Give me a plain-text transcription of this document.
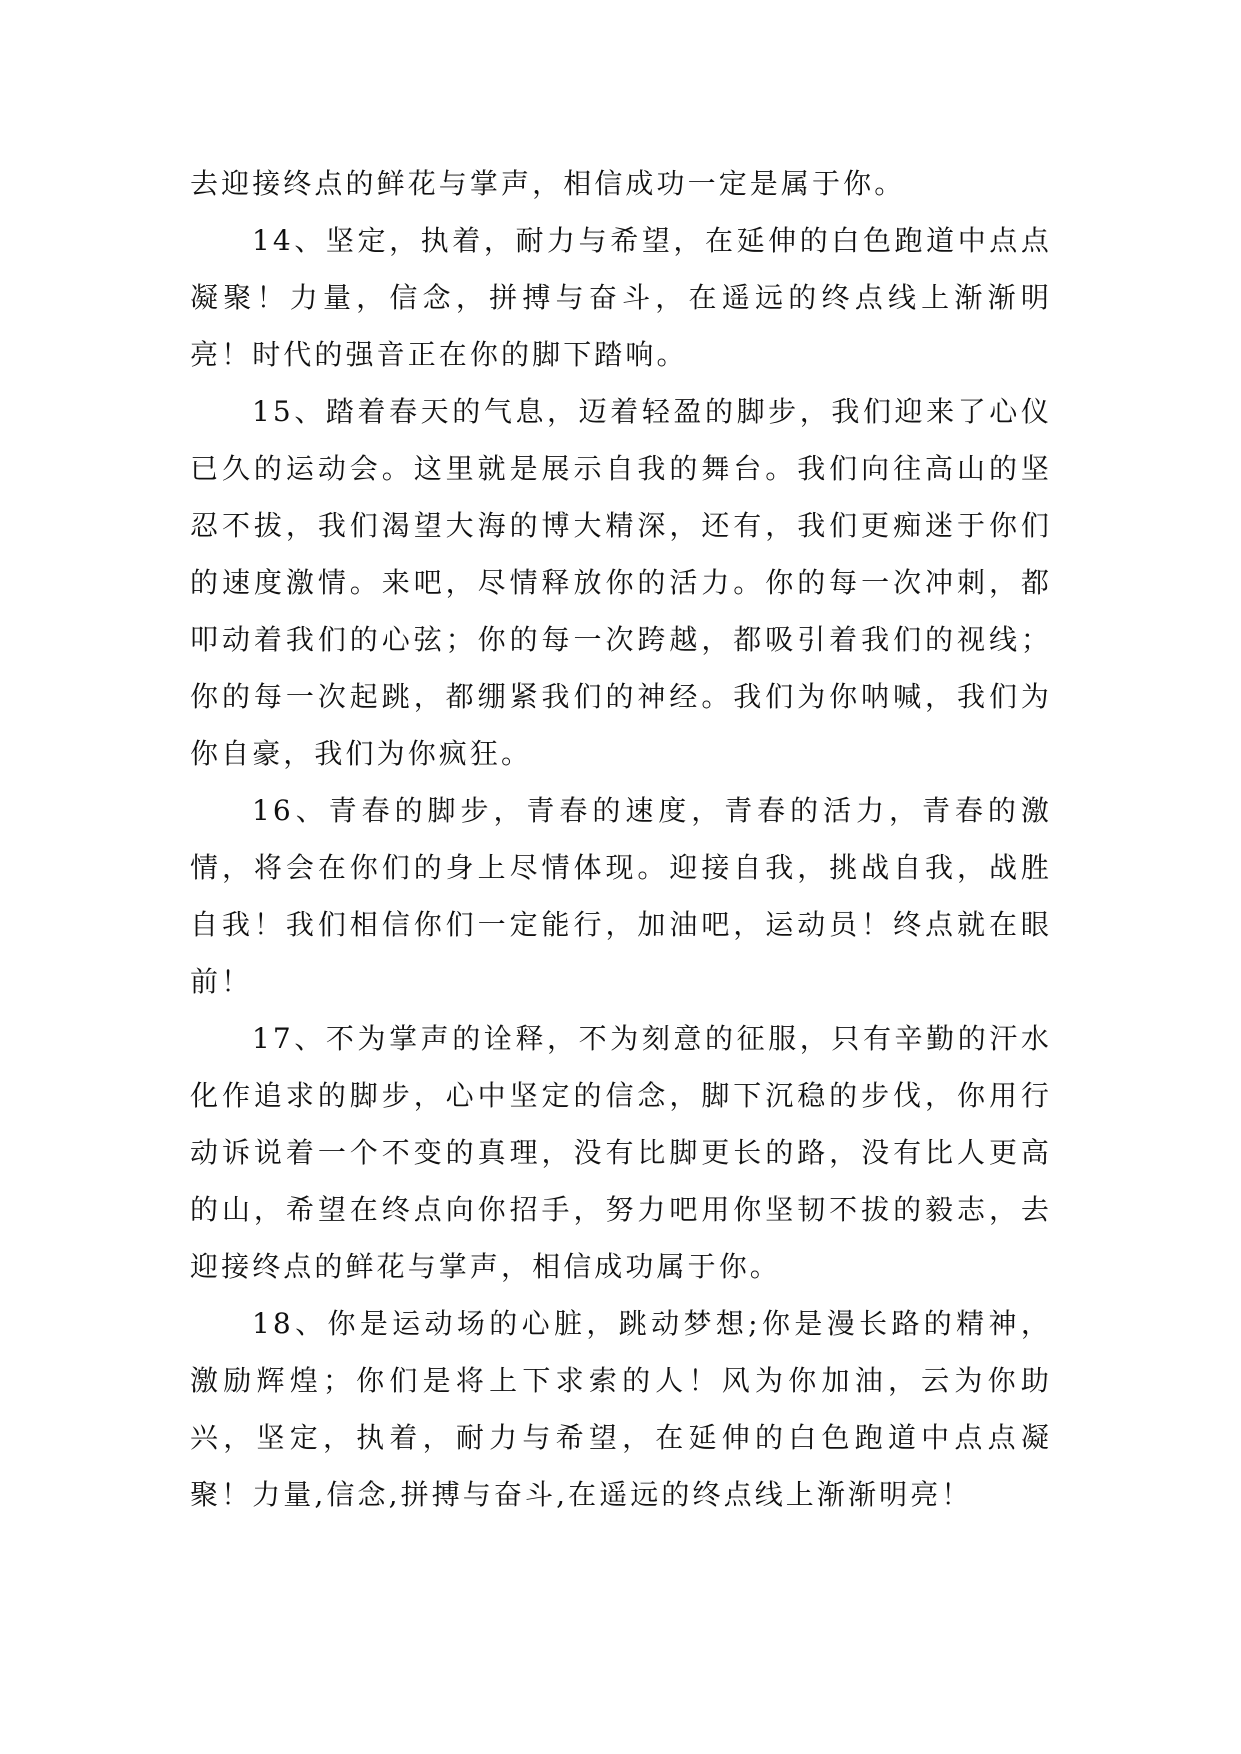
去迎接终点的鲜花与掌声，相信成功一定是属于你。

14、坚定，执着，耐力与希望，在延伸的白色跑道中点点凝聚！力量，信念，拼搏与奋斗，在遥远的终点线上渐渐明亮！时代的强音正在你的脚下踏响。

15、踏着春天的气息，迈着轻盈的脚步，我们迎来了心仪已久的运动会。这里就是展示自我的舞台。我们向往高山的坚忍不拔，我们渴望大海的博大精深，还有，我们更痴迷于你们的速度激情。来吧，尽情释放你的活力。你的每一次冲刺，都叩动着我们的心弦；你的每一次跨越，都吸引着我们的视线；你的每一次起跳，都绷紧我们的神经。我们为你呐喊，我们为你自豪，我们为你疯狂。

16、青春的脚步，青春的速度，青春的活力，青春的激情，将会在你们的身上尽情体现。迎接自我，挑战自我，战胜自我！我们相信你们一定能行，加油吧，运动员！终点就在眼前！

17、不为掌声的诠释，不为刻意的征服，只有辛勤的汗水化作追求的脚步，心中坚定的信念，脚下沉稳的步伐，你用行动诉说着一个不变的真理，没有比脚更长的路，没有比人更高的山，希望在终点向你招手，努力吧用你坚韧不拔的毅志，去迎接终点的鲜花与掌声，相信成功属于你。

18、你是运动场的心脏，跳动梦想;你是漫长路的精神，激励辉煌；你们是将上下求索的人！风为你加油，云为你助兴，坚定，执着，耐力与希望，在延伸的白色跑道中点点凝聚！力量,信念,拼搏与奋斗,在遥远的终点线上渐渐明亮！
